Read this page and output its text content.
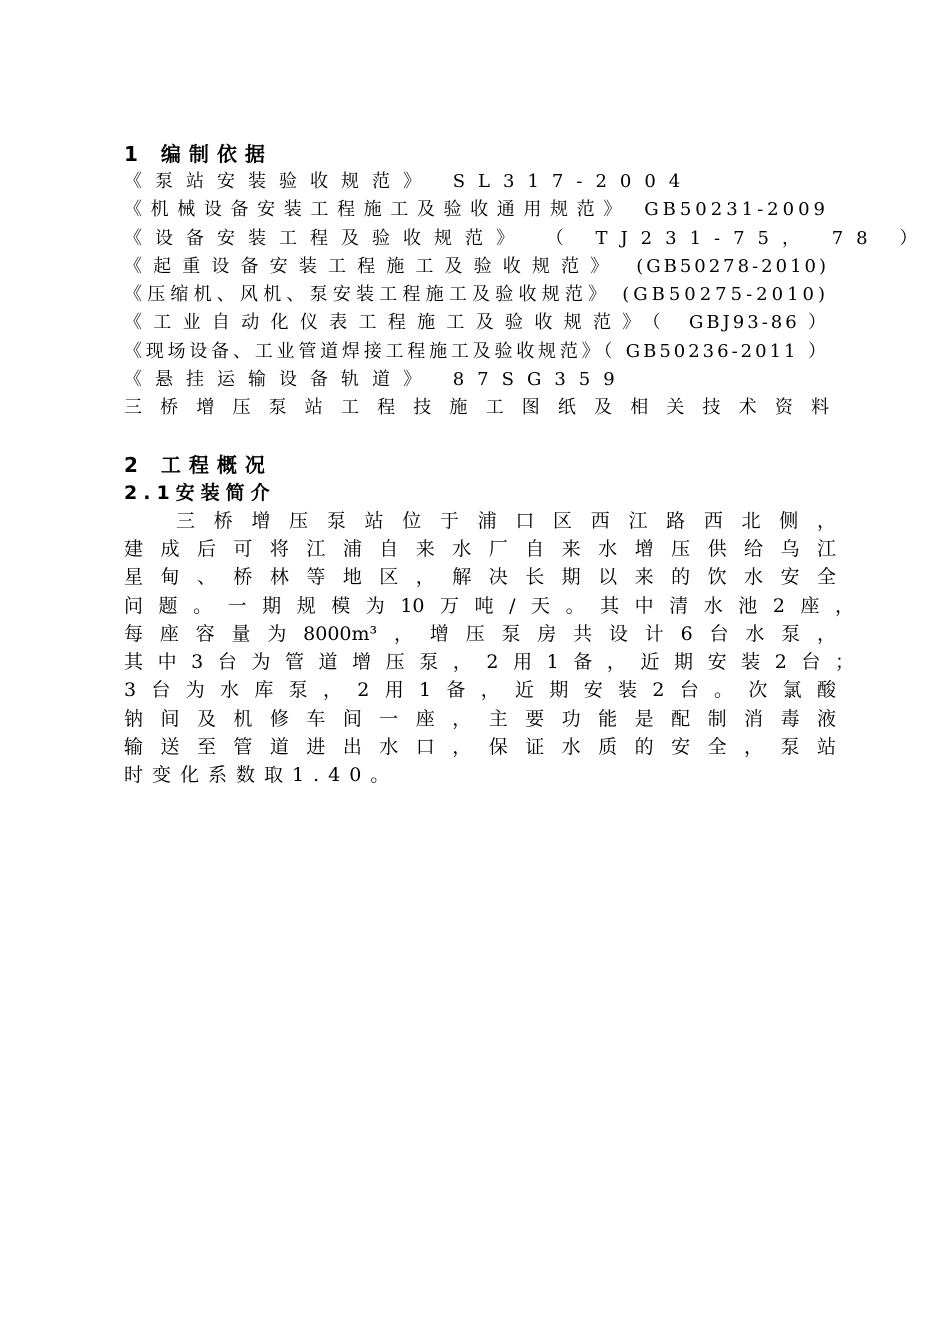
1 编制依据
《泵站安装验收规范》 SL317-2004
《机械设备安装工程施工及验收通用规范》 GB50231-2009
《设备安装工程及验收规范》 （ TJ231-75， 78 ）
《起重设备安装工程施工及验收规范》 (GB50278-2010)
《压缩机、风机、泵安装工程施工及验收规范》 (GB50275-2010)
《工业自动化仪表工程施工及验收规范》（ GBJ93-86）
《现场设备、工业管道焊接工程施工及验收规范》（ GB50236-2011 ）
《悬挂运输设备轨道》 87SG359
三桥增压泵站工程技施工图纸及相关技术资料
2 工程概况
2.1安装简介
三桥增压泵站位于浦口区西江路西北侧，
建成后可将江浦自来水厂自来水增压供给乌江
星甸、桥林等地区，解决长期以来的饮水安全
问题。一期规模为10万吨/天。其中清水池2座，
每座容量为8000m³，增压泵房共设计6台水泵，
其中3台为管道增压泵，2用1备，近期安装2台；
3台为水库泵，2用1备，近期安装2台。次氯酸
钠间及机修车间一座，主要功能是配制消毒液
输送至管道进出水口，保证水质的安全，泵站
时变化系数取1.40。
